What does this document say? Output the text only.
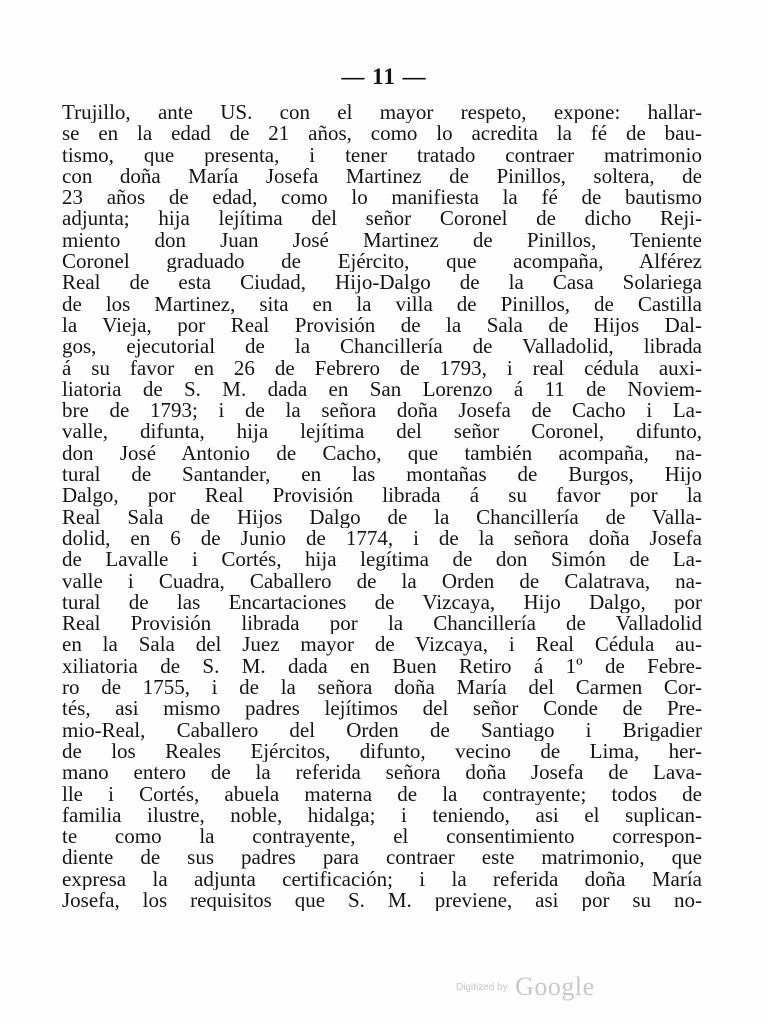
— 11 —
Trujillo, ante US. con el mayor respeto, expone: hallar-
se en la edad de 21 años, como lo acredita la fé de bau-
tismo, que presenta, i tener tratado contraer matrimonio
con doña María Josefa Martinez de Pinillos, soltera, de
23 años de edad, como lo manifiesta la fé de bautismo
adjunta; hija lejítima del señor Coronel de dicho Reji-
miento don Juan José Martinez de Pinillos, Teniente
Coronel graduado de Ejército, que acompaña, Alférez
Real de esta Ciudad, Hijo-Dalgo de la Casa Solariega
de los Martinez, sita en la villa de Pinillos, de Castilla
la Vieja, por Real Provisión de la Sala de Hijos Dal-
gos, ejecutorial de la Chancillería de Valladolid, librada
á su favor en 26 de Febrero de 1793, i real cédula auxi-
liatoria de S. M. dada en San Lorenzo á 11 de Noviem-
bre de 1793; i de la señora doña Josefa de Cacho i La-
valle, difunta, hija lejítima del señor Coronel, difunto,
don José Antonio de Cacho, que también acompaña, na-
tural de Santander, en las montañas de Burgos, Hijo
Dalgo, por Real Provisión librada á su favor por la
Real Sala de Hijos Dalgo de la Chancillería de Valla-
dolid, en 6 de Junio de 1774, i de la señora doña Josefa
de Lavalle i Cortés, hija legítima de don Simón de La-
valle i Cuadra, Caballero de la Orden de Calatrava, na-
tural de las Encartaciones de Vizcaya, Hijo Dalgo, por
Real Provisión librada por la Chancillería de Valladolid
en la Sala del Juez mayor de Vizcaya, i Real Cédula au-
xiliatoria de S. M. dada en Buen Retiro á 1º de Febre-
ro de 1755, i de la señora doña María del Carmen Cor-
tés, asi mismo padres lejítimos del señor Conde de Pre-
mio-Real, Caballero del Orden de Santiago i Brigadier
de los Reales Ejércitos, difunto, vecino de Lima, her-
mano entero de la referida señora doña Josefa de Lava-
lle i Cortés, abuela materna de la contrayente; todos de
familia ilustre, noble, hidalga; i teniendo, asi el suplican-
te como la contrayente, el consentimiento correspon-
diente de sus padres para contraer este matrimonio, que
expresa la adjunta certificación; i la referida doña María
Josefa, los requisitos que S. M. previene, asi por su no-
Digitized by Google
